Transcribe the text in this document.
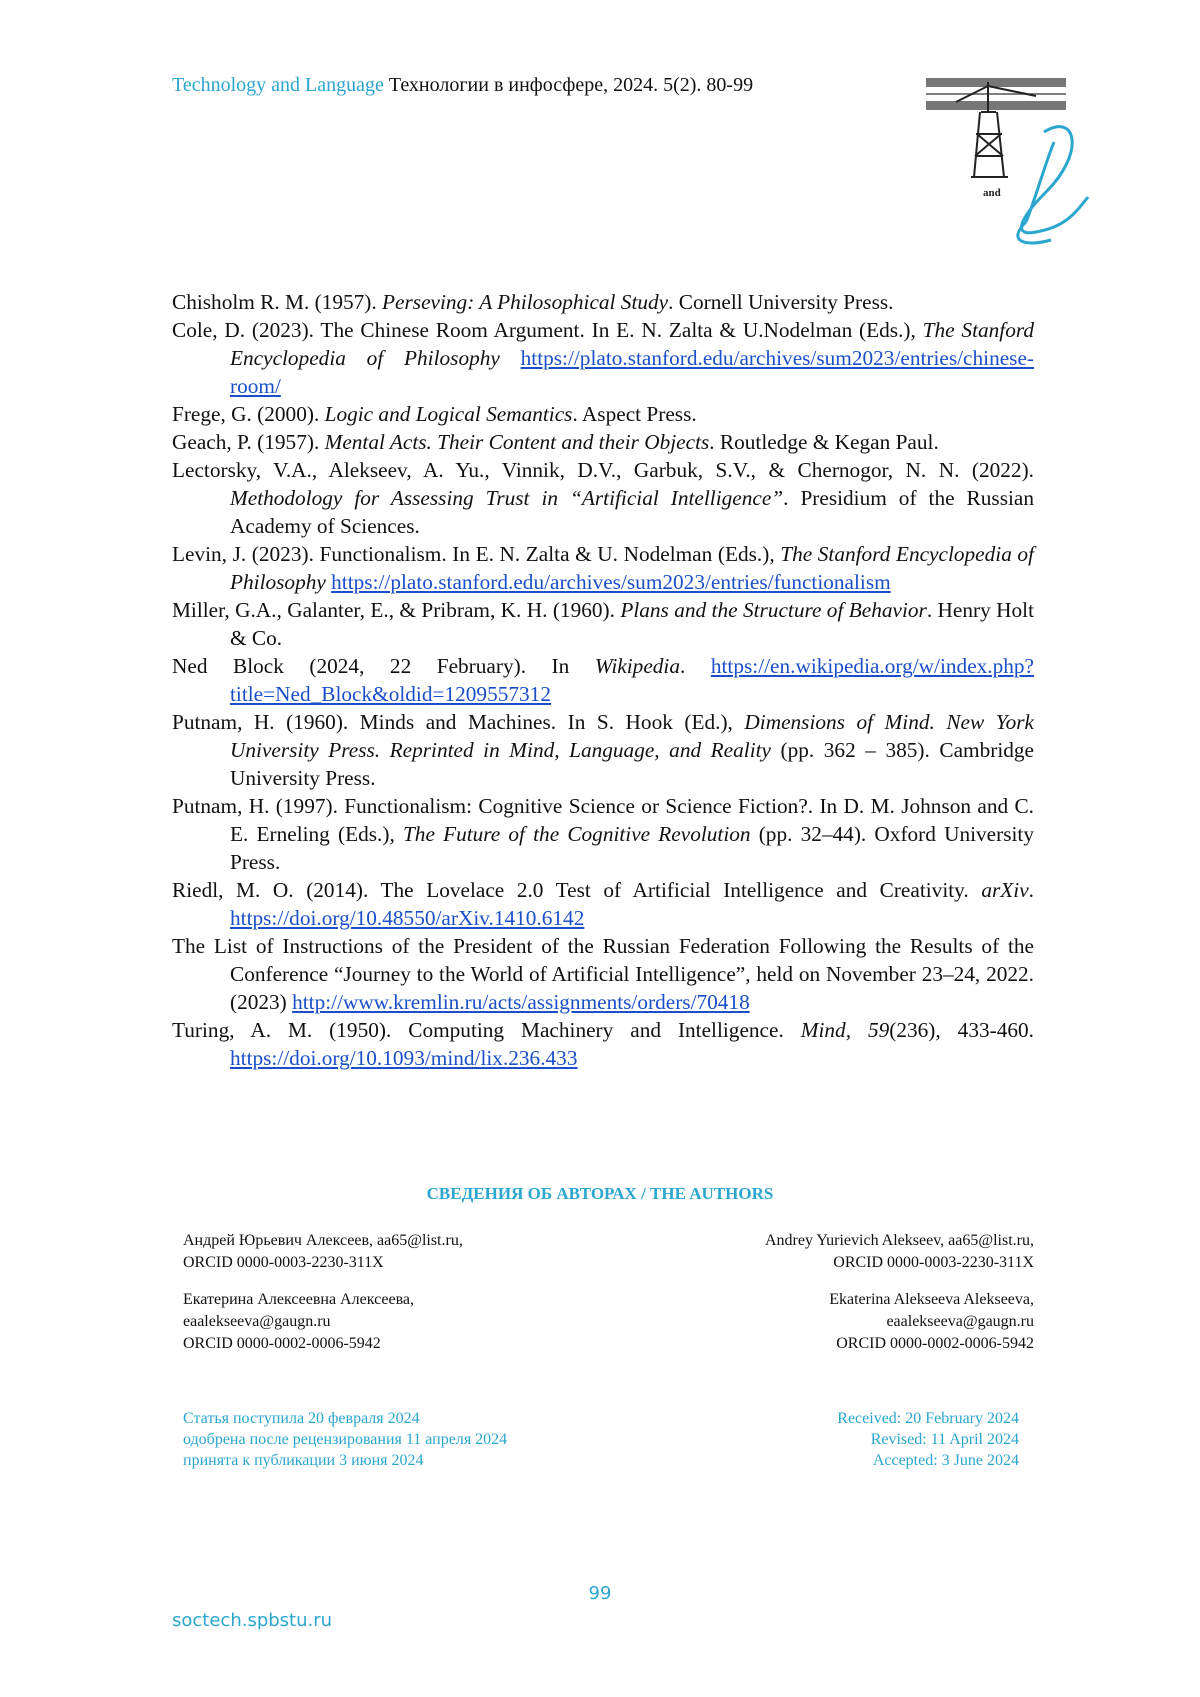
Technology and Language Технологии в инфосфере, 2024. 5(2). 80-99
and

Chisholm R. M. (1957). Perseving: A Philosophical Study. Cornell University Press.

Cole, D. (2023). The Chinese Room Argument. In E. N. Zalta & U.Nodelman (Eds.), The Stanford Encyclopedia of Philosophy https://plato.stanford.edu/archives/sum2023/entries/chinese-room/

Frege, G. (2000). Logic and Logical Semantics. Aspect Press.

Geach, P. (1957). Mental Acts. Their Content and their Objects. Routledge & Kegan Paul.

Lectorsky, V.A., Alekseev, A. Yu., Vinnik, D.V., Garbuk, S.V., & Chernogor, N. N. (2022). Methodology for Assessing Trust in “Artificial Intelligence”. Presidium of the Russian Academy of Sciences.

Levin, J. (2023). Functionalism. In E. N. Zalta & U. Nodelman (Eds.), The Stanford Encyclopedia of Philosophy https://plato.stanford.edu/archives/sum2023/entries/functionalism

Miller, G.A., Galanter, E., & Pribram, K. H. (1960). Plans and the Structure of Behavior. Henry Holt & Co.

Ned Block (2024, 22 February). In Wikipedia. https://en.wikipedia.org/w/index.php?title=Ned_Block&oldid=1209557312

Putnam, H. (1960). Minds and Machines. In S. Hook (Ed.), Dimensions of Mind. New York University Press. Reprinted in Mind, Language, and Reality (pp. 362 – 385). Cambridge University Press.

Putnam, H. (1997). Functionalism: Cognitive Science or Science Fiction?. In D. M. Johnson and C. E. Erneling (Eds.), The Future of the Cognitive Revolution (pp. 32–44). Oxford University Press.

Riedl, M. O. (2014). The Lovelace 2.0 Test of Artificial Intelligence and Creativity. arXiv. https://doi.org/10.48550/arXiv.1410.6142

The List of Instructions of the President of the Russian Federation Following the Results of the Conference “Journey to the World of Artificial Intelligence”, held on November 23–24, 2022. (2023) http://www.kremlin.ru/acts/assignments/orders/70418

Turing, A. M. (1950). Computing Machinery and Intelligence. Mind, 59(236), 433-460. https://doi.org/10.1093/mind/lix.236.433

СВЕДЕНИЯ ОБ АВТОРАХ / THE AUTHORS
Андрей Юрьевич Алексеев, aa65@list.ru,
ORCID 0000-0003-2230-311X
Екатерина Алексеевна Алексеева,
eaalekseeva@gaugn.ru
ORCID 0000-0002-0006-5942
Andrey Yurievich Alekseev, aa65@list.ru,
ORCID 0000-0003-2230-311X
Ekaterina Alekseeva Alekseeva,
eaalekseeva@gaugn.ru
ORCID 0000-0002-0006-5942
Статья поступила 20 февраля 2024
одобрена после рецензирования 11 апреля 2024
принята к публикации 3 июня 2024
Received: 20 February 2024
Revised: 11 April 2024
Accepted: 3 June 2024
99
soctech.spbstu.ru
